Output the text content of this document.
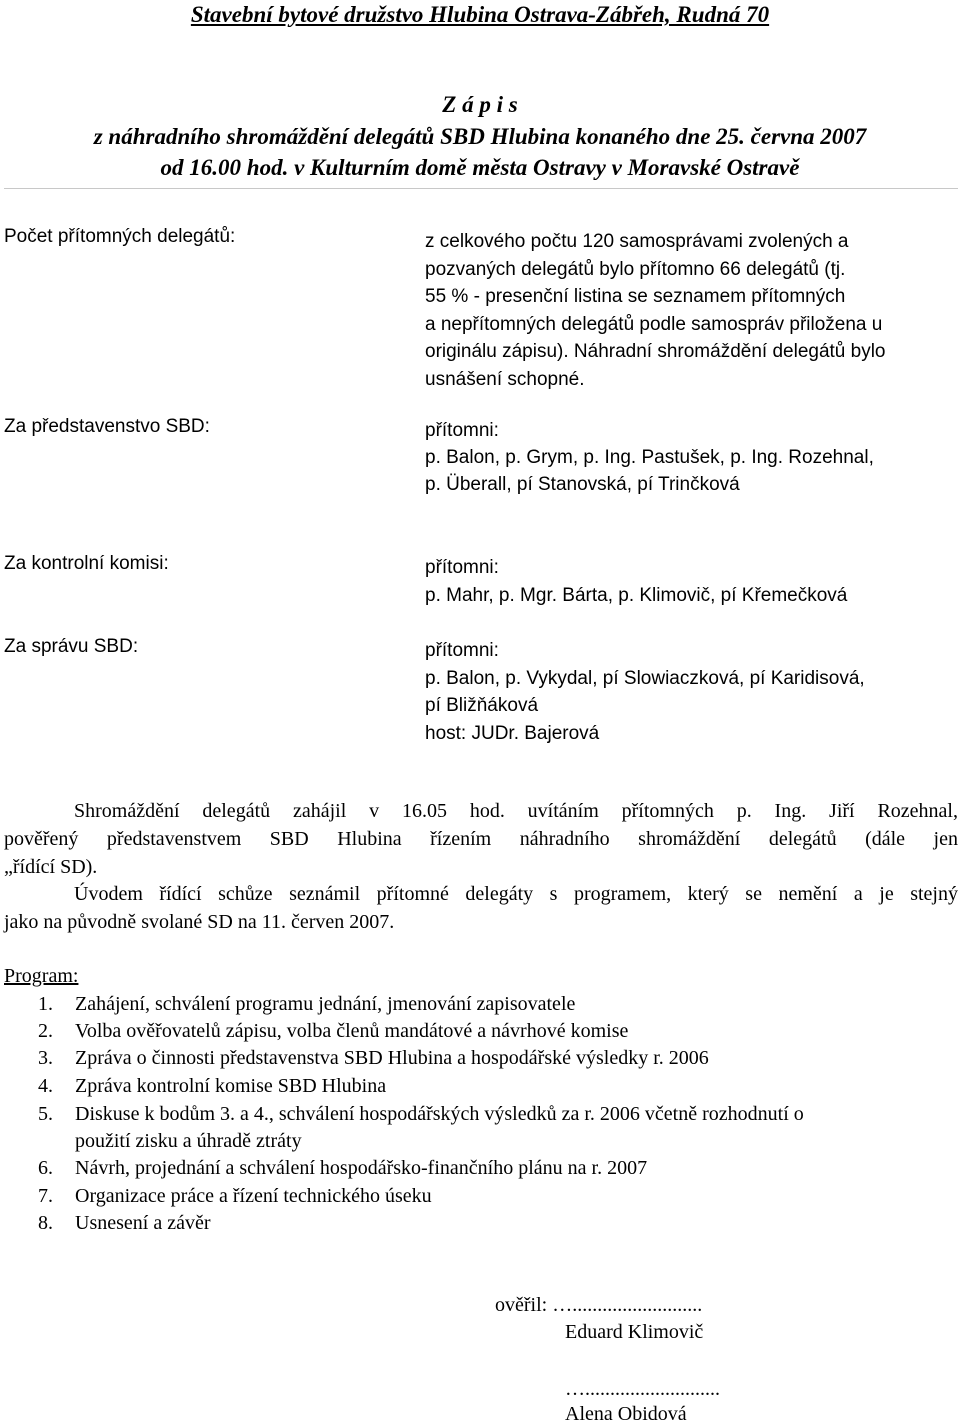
Stavební bytové družstvo Hlubina Ostrava-Zábřeh, Rudná 70
Z á p i s
z náhradního shromáždění delegátů SBD Hlubina konaného dne 25. června 2007
od 16.00 hod. v Kulturním domě města Ostravy v Moravské Ostravě
Počet přítomných delegátů:	z celkového počtu 120 samosprávami zvolených a
pozvaných delegátů bylo přítomno 66 delegátů (tj.
55 % - presenční listina se seznamem přítomných
a nepřítomných delegátů podle samospráv přiložena u
originálu zápisu). Náhradní shromáždění delegátů bylo
usnášení schopné.
Za představenstvo SBD:	přítomni:
p. Balon, p. Grym, p. Ing. Pastušek, p. Ing. Rozehnal,
p. Überall, pí Stanovská, pí Trinčková
Za kontrolní komisi:	přítomni:
p. Mahr, p. Mgr. Bárta, p. Klimovič, pí Křemečková
Za správu SBD:	přítomni:
p. Balon, p. Vykydal, pí Slowiaczková, pí Karidisová,
pí Bližňáková
host: JUDr. Bajerová
Shromáždění delegátů zahájil v 16.05 hod. uvítáním přítomných p. Ing. Jiří Rozehnal,
pověřený představenstvem SBD Hlubina řízením náhradního shromáždění delegátů (dále jen
„řídící SD).
Úvodem řídící schůze seznámil přítomné delegáty s programem, který se nemění a je stejný
jako na původně svolané SD na 11. červen 2007.
Program:
1. Zahájení, schválení programu jednání, jmenování zapisovatele
2. Volba ověřovatelů zápisu, volba členů mandátové a návrhové komise
3. Zpráva o činnosti představenstva SBD Hlubina a hospodářské výsledky r. 2006
4. Zpráva kontrolní komise SBD Hlubina
5. Diskuse k bodům 3. a 4., schválení hospodářských výsledků za r. 2006 včetně rozhodnutí o
použití zisku a úhradě ztráty
6. Návrh, projednání a schválení hospodářsko-finančního plánu na r. 2007
7. Organizace práce a řízení technického úseku
8. Usnesení a závěr
ověřil: …..........................
Eduard Klimovič
…...........................
Alena Obidová
